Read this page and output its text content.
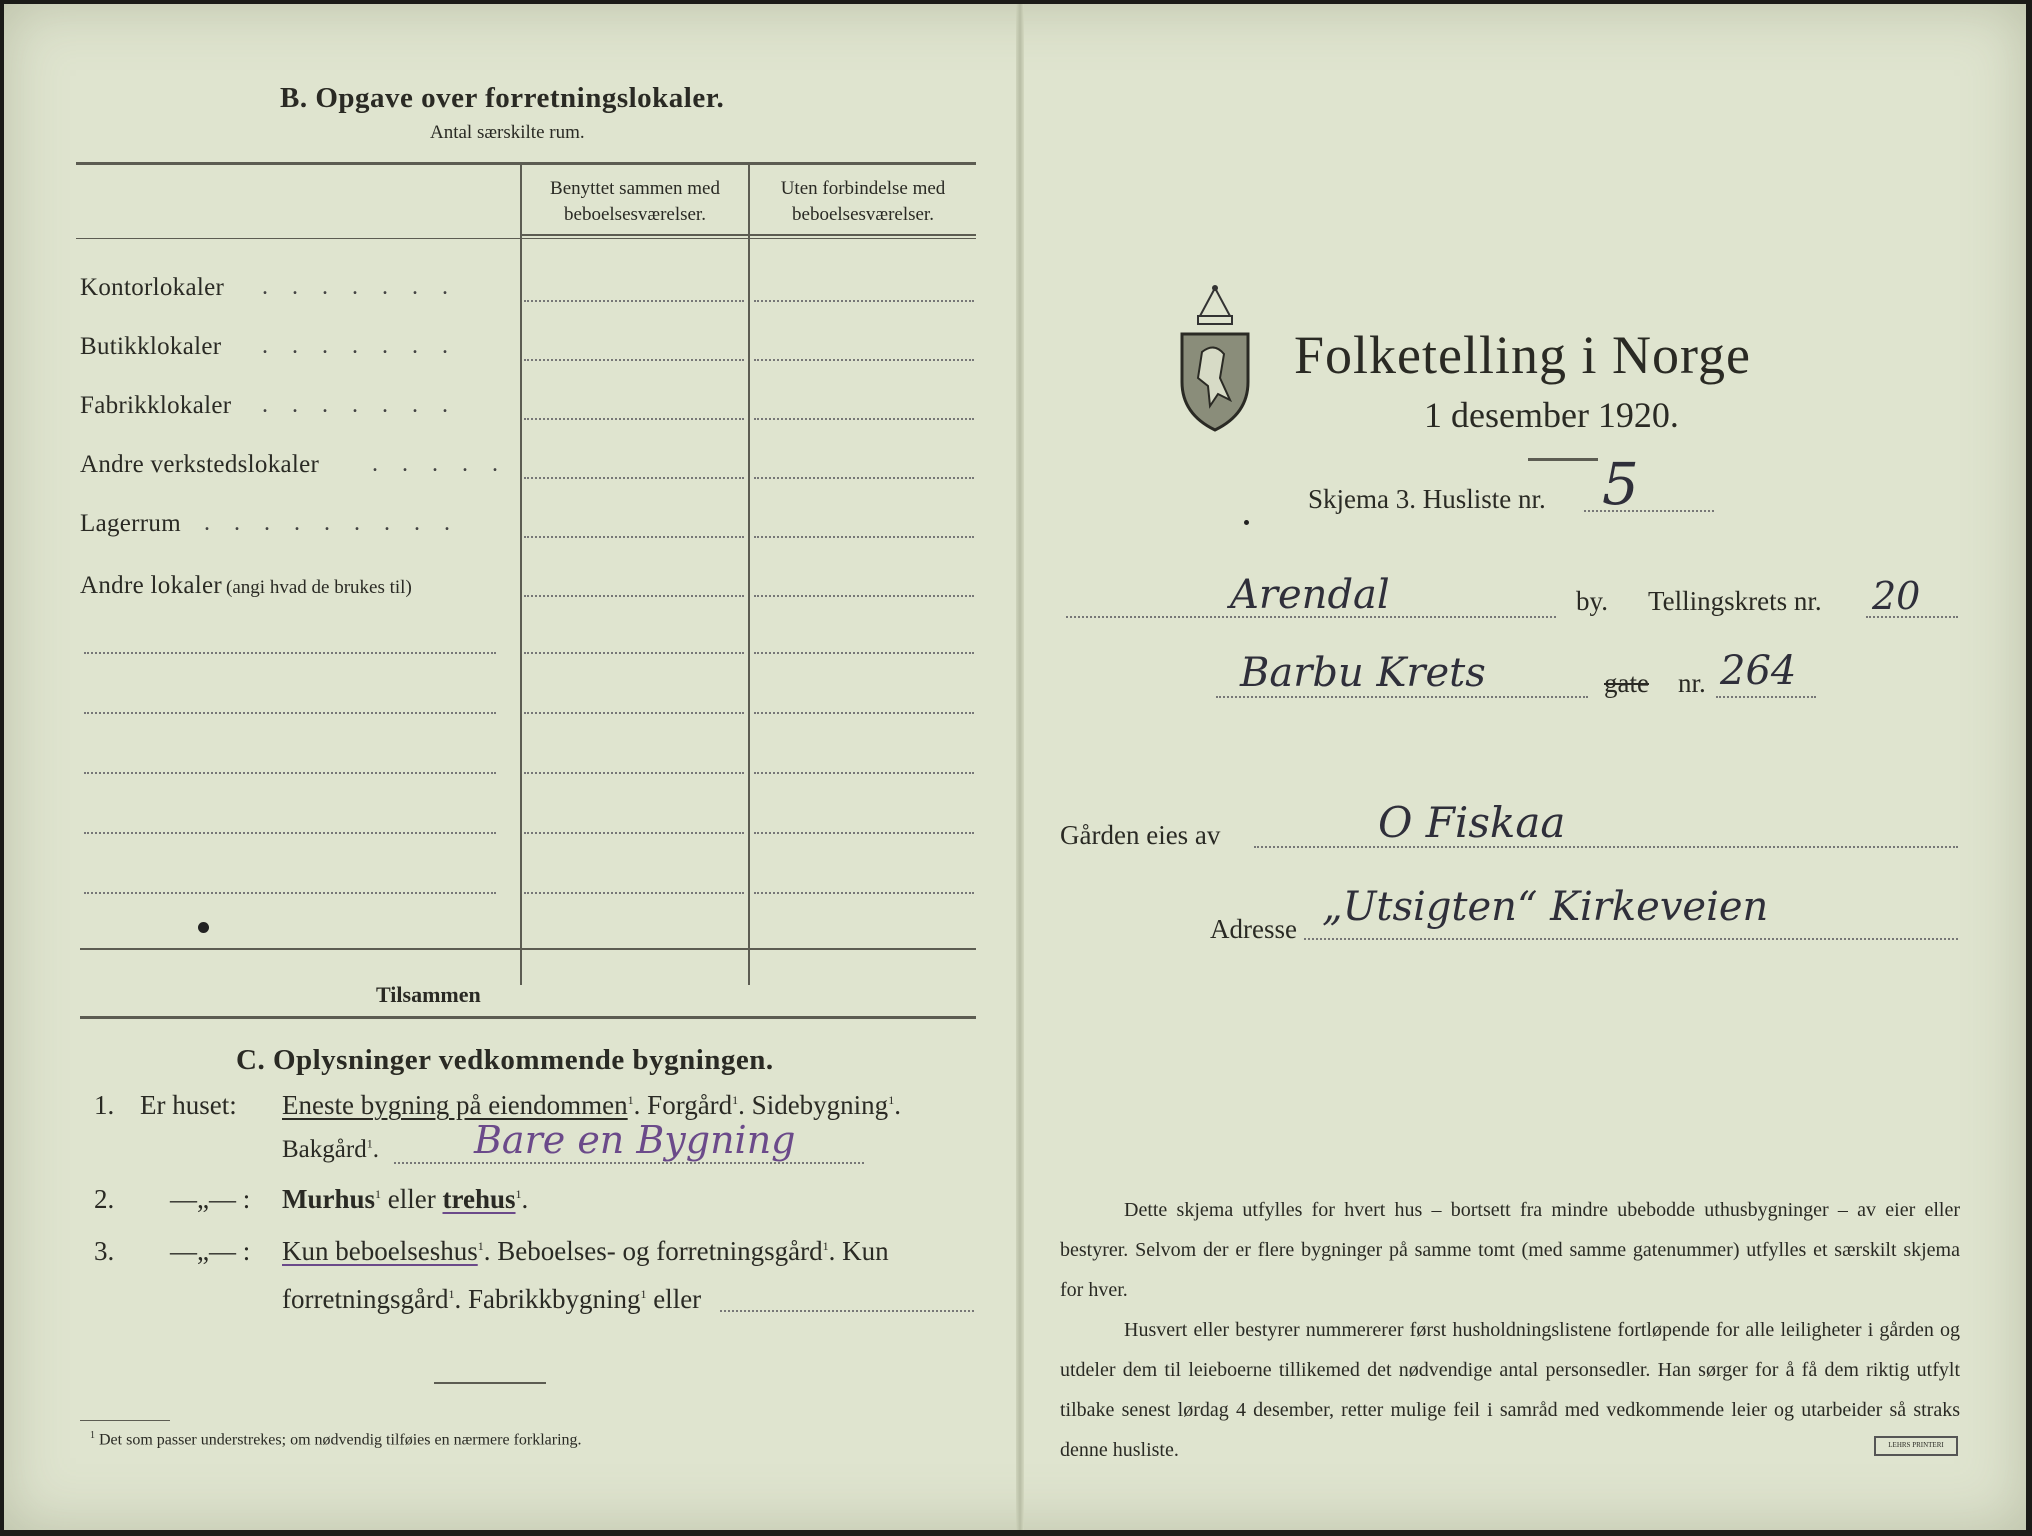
B. Opgave over forretningslokaler.
Antal særskilte rum.
Benyttet sammen med
beboelsesværelser.
Uten forbindelse med
beboelsesværelser.
Kontorlokaler . . . . . . .
Butikklokaler . . . . . . .
Fabrikklokaler . . . . . . .
Andre verkstedslokaler . . . . .
Lagerrum . . . . . . . . .
Andre lokaler (angi hvad de brukes til)
Tilsammen
C. Oplysninger vedkommende bygningen.
1. Er huset: Eneste bygning på eiendommen$^1$. Forgård$^1$. Sidebygning$^1$.
Bakgård$^1$.	Bare en Bygning
2. —„— : Murhus$^1$ eller trehus$^1$.
3. —„— : Kun beboelseshus$^1$. Beboelses- og forretningsgård$^1$. Kun
forretningsgård$^1$. Fabrikkbygning$^1$ eller
$^1$ Det som passer understrekes; om nødvendig tilføies en nærmere forklaring.
Folketelling i Norge
1 desember 1920.
Skjema 3. Husliste nr. 5
Arendal	by. Tellingskrets nr. 20
Barbu Krets	gate nr. 264
Gården eies av	O Fiskaa
Adresse „Utsigten“ Kirkeveien
Dette skjema utfylles for hvert hus – bortsett fra mindre ubebodde uthusbygninger – av eier eller bestyrer. Selvom der er flere bygninger på samme tomt (med samme gatenummer) utfylles et særskilt skjema for hver.
Husvert eller bestyrer nummererer først husholdningslistene fortløpende for alle leiligheter i gården og utdeler dem til leieboerne tillikemed det nødvendige antal personsedler. Han sørger for å få dem riktig utfylt tilbake senest lørdag 4 desember, retter mulige feil i samråd med vedkommende leier og utarbeider så straks denne husliste.	LEHRS PRINTERI
